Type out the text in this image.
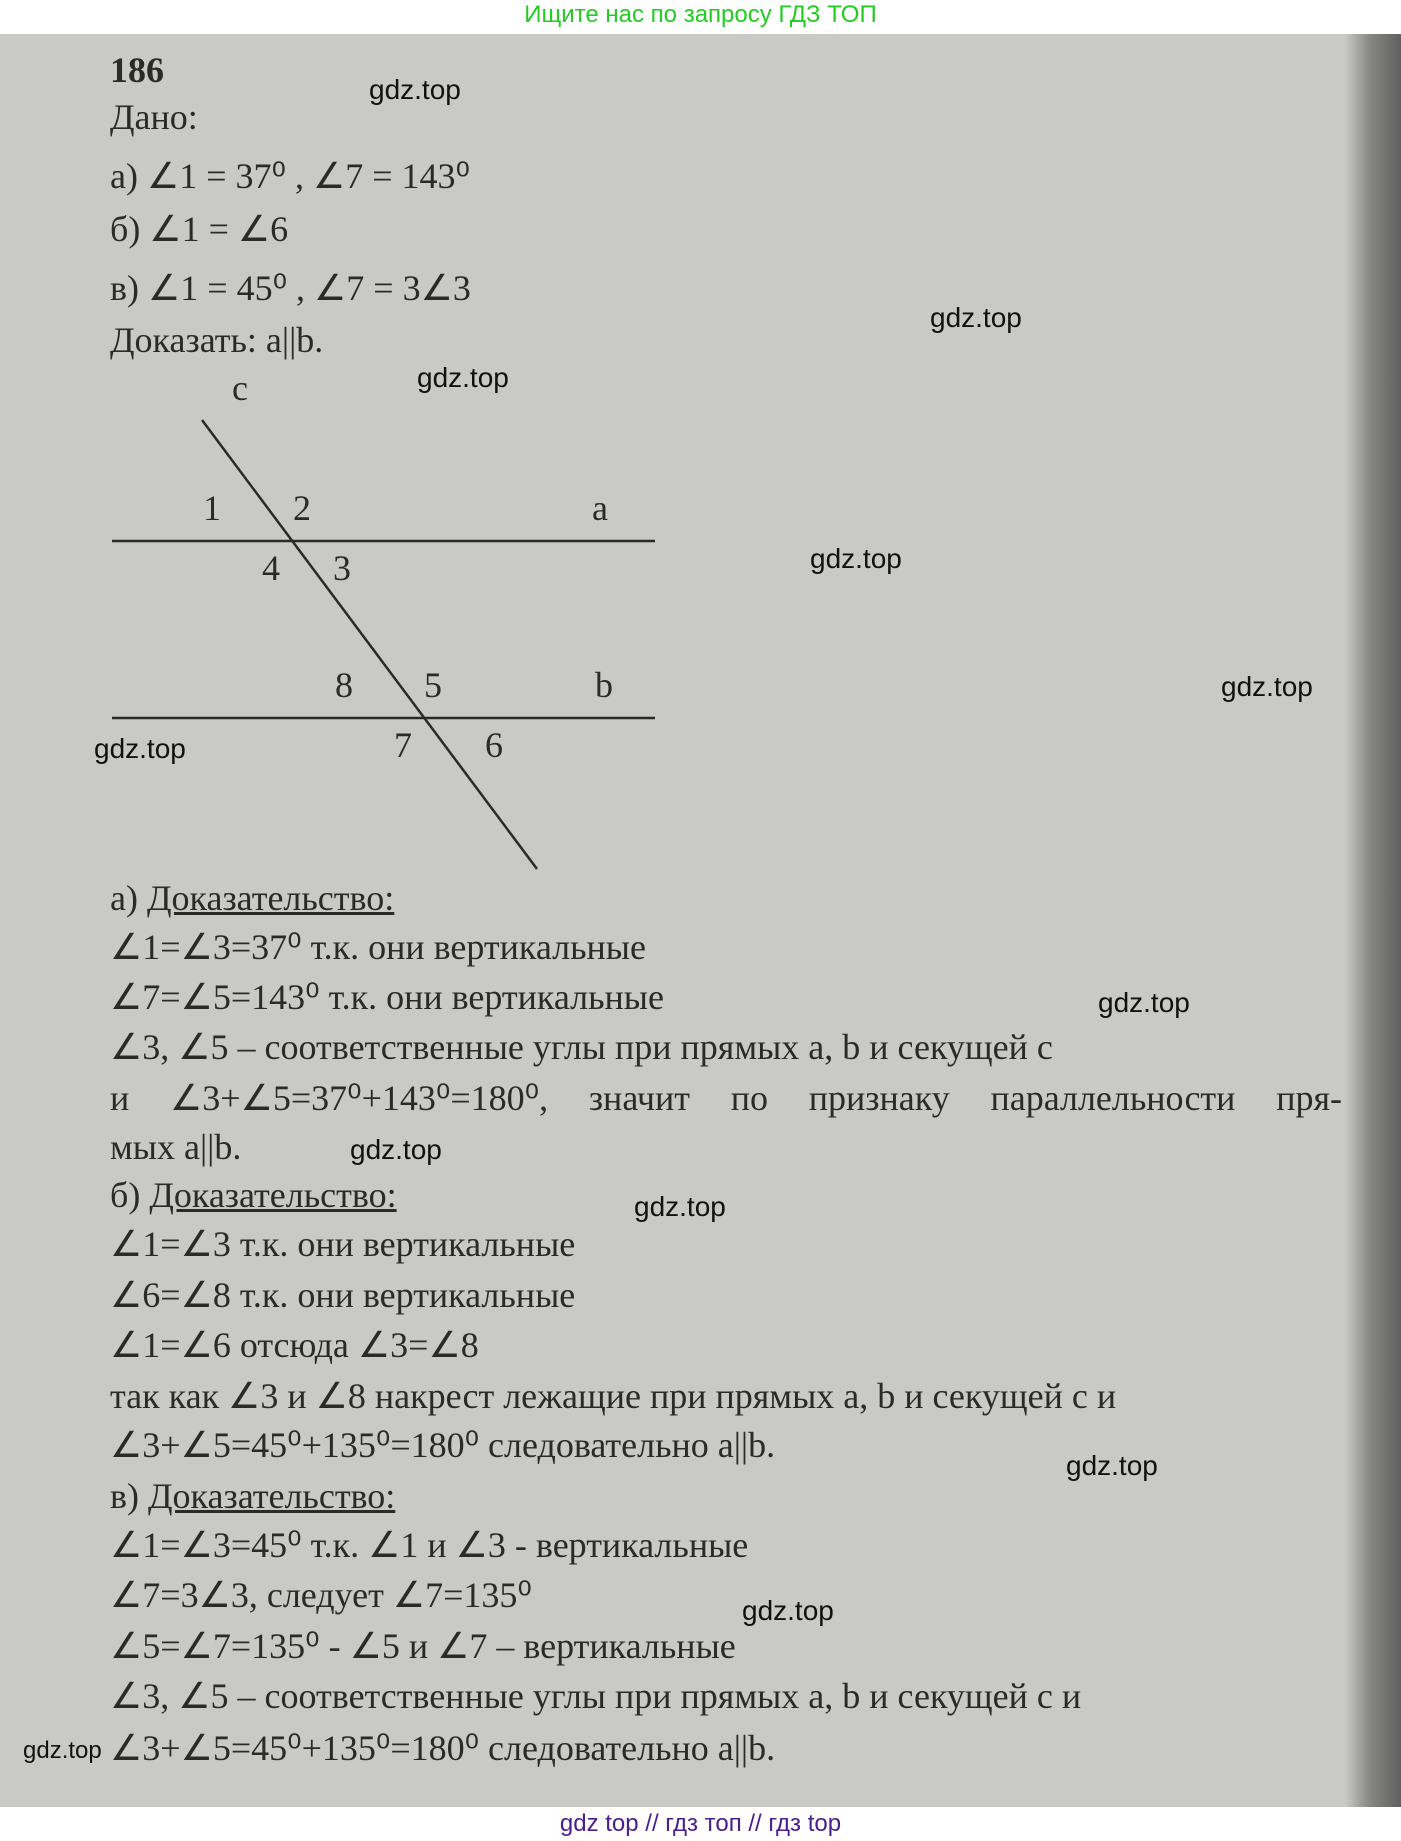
Ищите нас по запросу ГДЗ ТОП
c
a
b
1 2
3
4
5
6
7
8
186
Дано:
а) ∠1 = 37⁰ , ∠7 = 143⁰
б) ∠1 = ∠6
в) ∠1 = 45⁰ , ∠7 = 3∠3
Доказать: a||b.
а) Доказательство:
∠1=∠3=37⁰ т.к. они вертикальные
∠7=∠5=143⁰ т.к. они вертикальные
∠3, ∠5 – соответственные углы при прямых a, b и секущей c
и ∠3+∠5=37⁰+143⁰=180⁰, значит по признаку параллельности пря-
мых a||b.
б) Доказательство:
∠1=∠3 т.к. они вертикальные
∠6=∠8 т.к. они вертикальные
∠1=∠6 отсюда ∠3=∠8
так как ∠3 и ∠8 накрест лежащие при прямых a, b и секущей c и
∠3+∠5=45⁰+135⁰=180⁰ следовательно a||b.
в) Доказательство:
∠1=∠3=45⁰ т.к. ∠1 и ∠3 - вертикальные
∠7=3∠3, следует ∠7=135⁰
∠5=∠7=135⁰ - ∠5 и ∠7 – вертикальные
∠3, ∠5 – соответственные углы при прямых a, b и секущей c и
∠3+∠5=45⁰+135⁰=180⁰ следовательно a||b.
gdz.top
gdz.top
gdz.top
gdz.top
gdz.top
gdz.top
gdz.top
gdz.top
gdz.top
gdz.top
gdz.top
gdz.top
gdz top // гдз топ // гдз top
